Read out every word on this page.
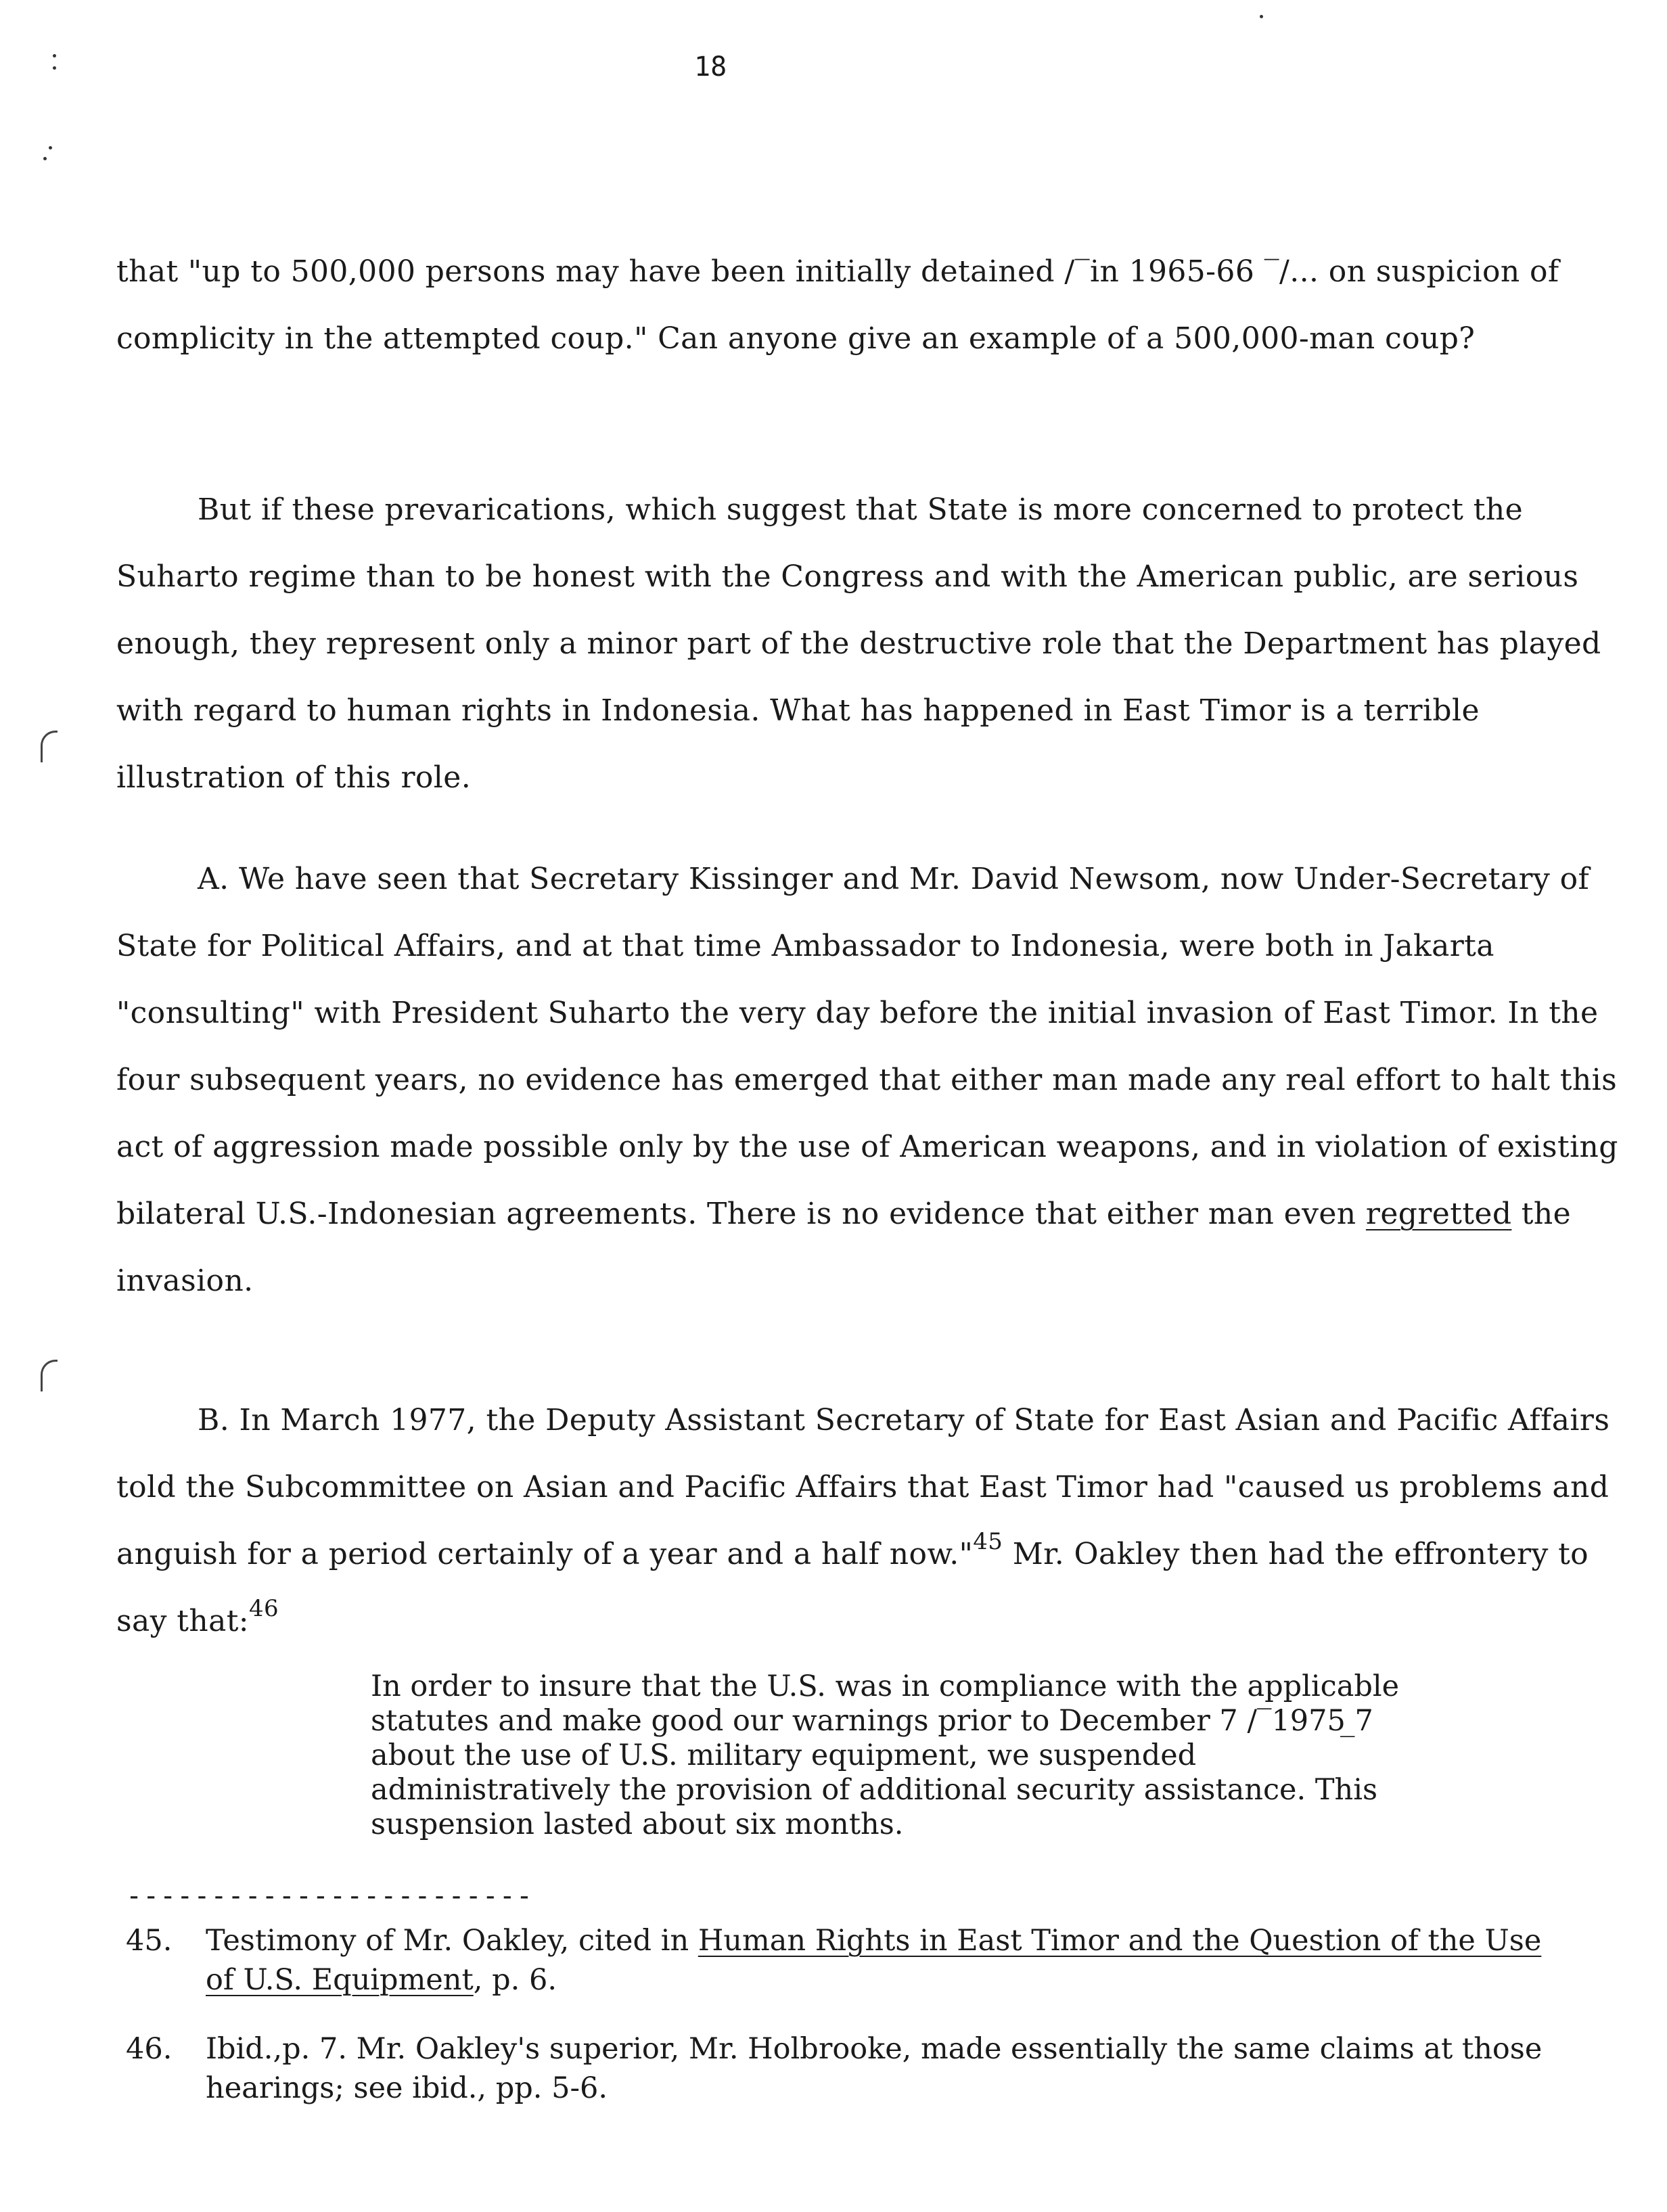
18

that "up to 500,000 persons may have been initially detained /‾in 1965-66 ‾/... on suspicion of complicity in the attempted coup." Can anyone give an example of a 500,000-man coup?

But if these prevarications, which suggest that State is more concerned to protect the Suharto regime than to be honest with the Congress and with the American public, are serious enough, they represent only a minor part of the destructive role that the Department has played with regard to human rights in Indonesia. What has happened in East Timor is a terrible illustration of this role.

A. We have seen that Secretary Kissinger and Mr. David Newsom, now Under-Secretary of State for Political Affairs, and at that time Ambassador to Indonesia, were both in Jakarta "consulting" with President Suharto the very day before the initial invasion of East Timor. In the four subsequent years, no evidence has emerged that either man made any real effort to halt this act of aggression made possible only by the use of American weapons, and in violation of existing bilateral U.S.-Indonesian agreements. There is no evidence that either man even regretted the invasion.

B. In March 1977, the Deputy Assistant Secretary of State for East Asian and Pacific Affairs told the Subcommittee on Asian and Pacific Affairs that East Timor had "caused us problems and anguish for a period certainly of a year and a half now."$^{45}$ Mr. Oakley then had the effrontery to say that:$^{46}$

In order to insure that the U.S. was in compliance with the applicable statutes and make good our warnings prior to December 7 /‾1975 ̲7 about the use of U.S. military equipment, we suspended administratively the provision of additional security assistance. This suspension lasted about six months.
------------------------
45. Testimony of Mr. Oakley, cited in Human Rights in East Timor and the Question of the Use of U.S. Equipment, p. 6.
46. Ibid.,p. 7. Mr. Oakley's superior, Mr. Holbrooke, made essentially the same claims at those hearings; see ibid., pp. 5-6.
